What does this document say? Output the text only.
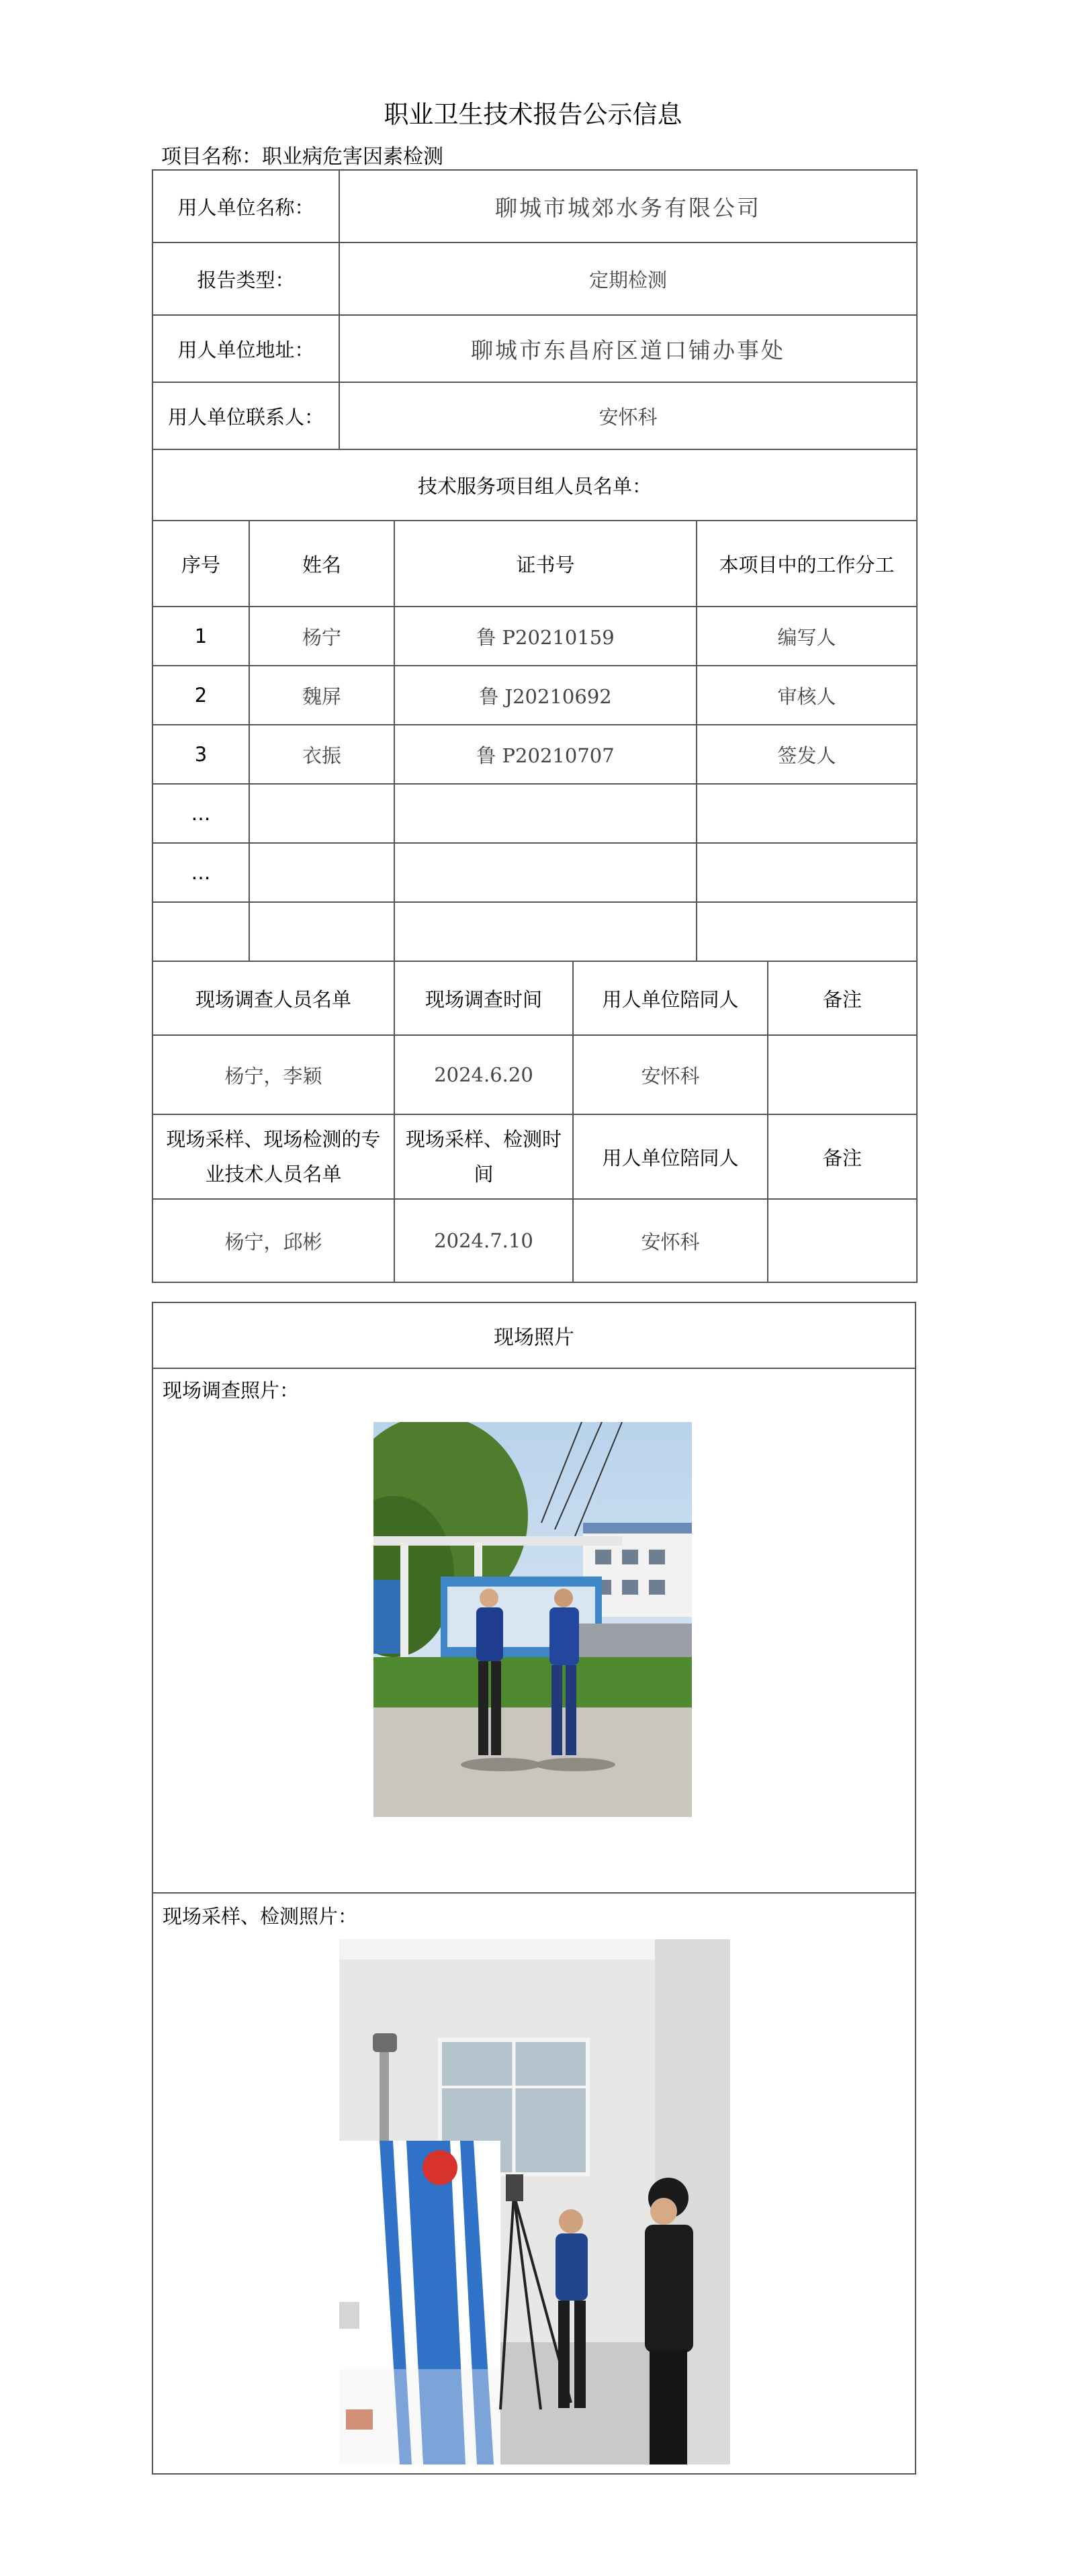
职业卫生技术报告公示信息
项目名称：职业病危害因素检测
用人单位名称：	聊城市城郊水务有限公司
报告类型：	定期检测
用人单位地址：	聊城市东昌府区道口铺办事处
用人单位联系人：	安怀科
技术服务项目组人员名单：	
序号	姓名	证书号	本项目中的工作分工
1	杨宁	鲁 P20210159	编写人
2	魏屏	鲁 J20210692	审核人
3	衣振	鲁 P20210707	签发人
…			
…			

现场调查人员名单	现场调查时间	用人单位陪同人	备注
杨宁，李颖	2024.6.20	安怀科	
现场采样、现场检测的专业技术人员名单	现场采样、检测时间	用人单位陪同人	备注
杨宁，邱彬	2024.7.10	安怀科	
现场照片
现场调查照片：
现场采样、检测照片：
